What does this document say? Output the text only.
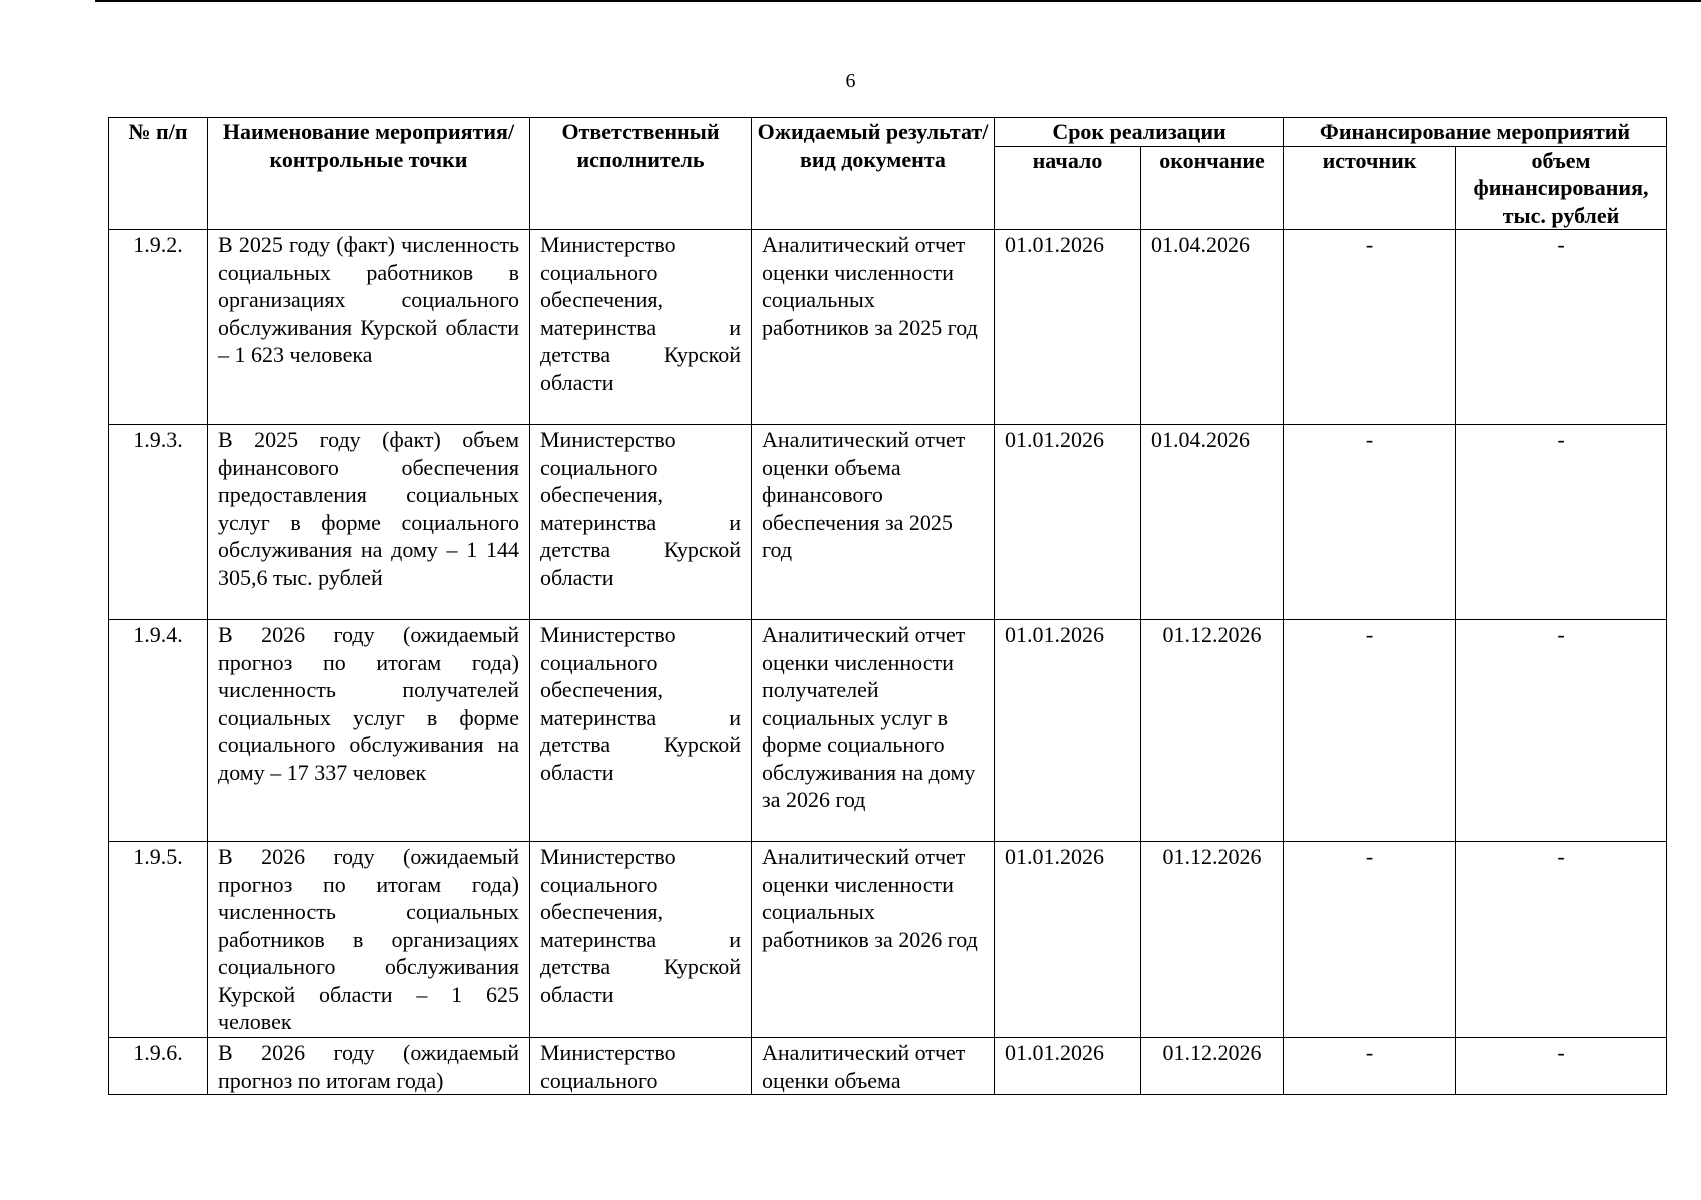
6
№ п/п	Наименование мероприятия/контрольные точки	Ответственный исполнитель	Ожидаемый результат/вид документа	Срок реализации		Финансирование мероприятий	
				начало	окончание	источник	объем финансирования, тыс. рублей
1.9.2.	В 2025 году (факт) численность социальных работников в организациях социального обслуживания Курской области – 1 623 человека	Министерство социального обеспечения, материнства и детства Курской области	Аналитический отчет оценки численности социальных работников за 2025 год	01.01.2026	01.04.2026	-	-
1.9.3.	В 2025 году (факт) объем финансового обеспечения предоставления социальных услуг в форме социального обслуживания на дому – 1 144 305,6 тыс. рублей	Министерство социального обеспечения, материнства и детства Курской области	Аналитический отчет оценки объема финансового обеспечения за 2025 год	01.01.2026	01.04.2026	-	-
1.9.4.	В 2026 году (ожидаемый прогноз по итогам года) численность получателей социальных услуг в форме социального обслуживания на дому – 17 337 человек	Министерство социального обеспечения, материнства и детства Курской области	Аналитический отчет оценки численности получателей социальных услуг в форме социального обслуживания на дому за 2026 год	01.01.2026	01.12.2026	-	-
1.9.5.	В 2026 году (ожидаемый прогноз по итогам года) численность социальных работников в организациях социального обслуживания Курской области – 1 625 человек	Министерство социального обеспечения, материнства и детства Курской области	Аналитический отчет оценки численности социальных работников за 2026 год	01.01.2026	01.12.2026	-	-
1.9.6.	В 2026 году (ожидаемый прогноз по итогам года)	Министерство социального	Аналитический отчет оценки объема	01.01.2026	01.12.2026	-	-
